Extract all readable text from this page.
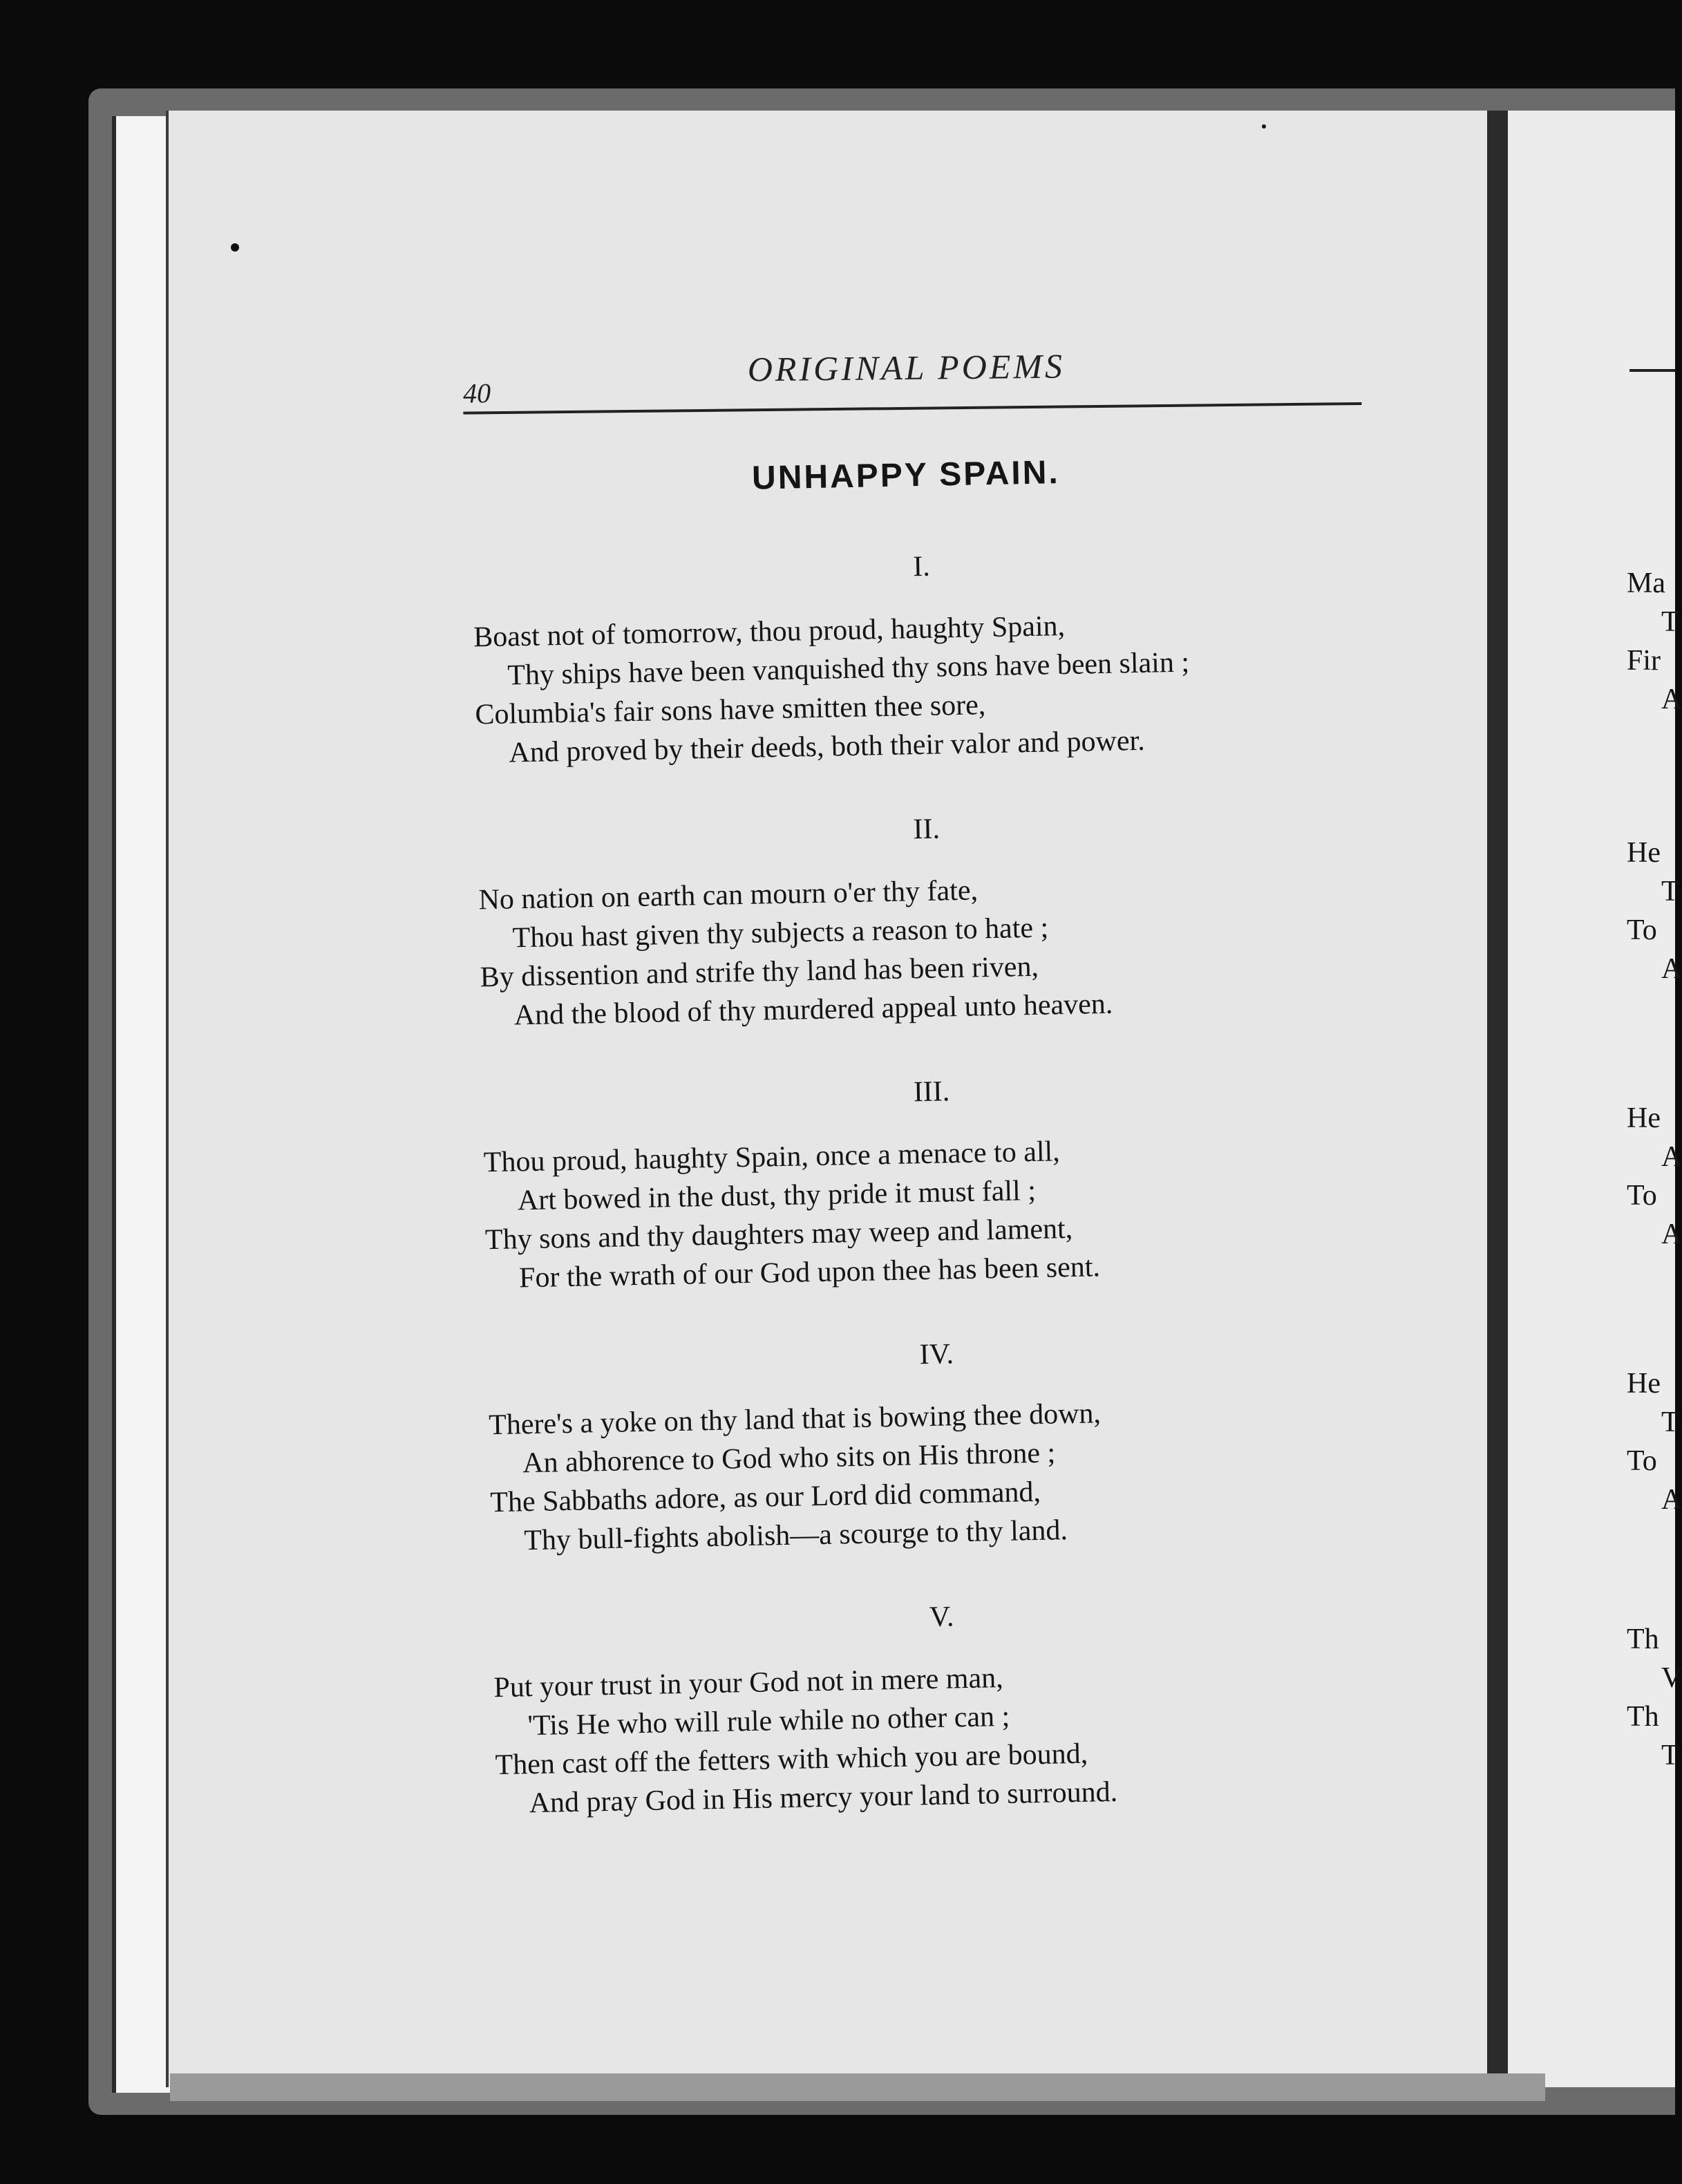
40
ORIGINAL POEMS
UNHAPPY SPAIN.
I.
Boast not of tomorrow, thou proud, haughty Spain,
Thy ships have been vanquished thy sons have been slain ;
Columbia's fair sons have smitten thee sore,
And proved by their deeds, both their valor and power.
II.
No nation on earth can mourn o'er thy fate,
Thou hast given thy subjects a reason to hate ;
By dissention and strife thy land has been riven,
And the blood of thy murdered appeal unto heaven.
III.
Thou proud, haughty Spain, once a menace to all,
Art bowed in the dust, thy pride it must fall ;
Thy sons and thy daughters may weep and lament,
For the wrath of our God upon thee has been sent.
IV.
There's a yoke on thy land that is bowing thee down,
An abhorence to God who sits on His throne ;
The Sabbaths adore, as our Lord did command,
Thy bull-fights abolish—a scourge to thy land.
V.
Put your trust in your God not in mere man,
'Tis He who will rule while no other can ;
Then cast off the fetters with which you are bound,
And pray God in His mercy your land to surround.
Ma
T
Fir
A
He
T
To
A
He
A
To
A
He
T
To
A
Th
V
Th
T
